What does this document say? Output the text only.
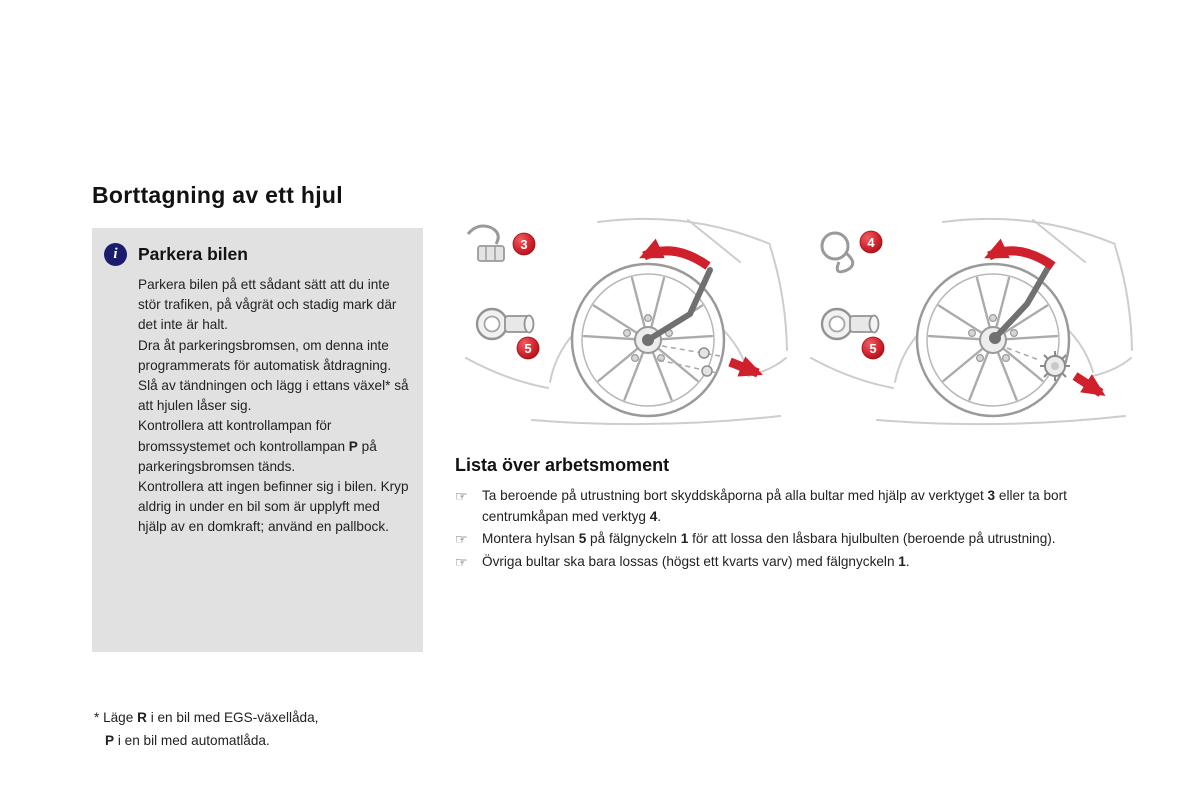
Borttagning av ett hjul
i	Parkera bilen

Parkera bilen på ett sådant sätt att du inte stör trafiken, på vågrät och stadig mark där det inte är halt.

Dra åt parkeringsbromsen, om denna inte programmerats för automatisk åtdragning. Slå av tändningen och lägg i ettans växel* så att hjulen låser sig.

Kontrollera att kontrollampan för bromssystemet och kontrollampan P på parkeringsbromsen tänds.

Kontrollera att ingen befinner sig i bilen. Kryp aldrig in under en bil som är upplyft med hjälp av en domkraft; använd en pallbock.

3
5
4
5
Lista över arbetsmoment
☞	Ta beroende på utrustning bort skyddskåporna på alla bultar med hjälp av verktyget 3 eller ta bort centrumkåpan med verktyg 4.
☞	Montera hylsan 5 på fälgnyckeln 1 för att lossa den låsbara hjulbulten (beroende på utrustning).
☞	Övriga bultar ska bara lossas (högst ett kvarts varv) med fälgnyckeln 1.

* Läge R i en bil med EGS-växellåda,

P i en bil med automatlåda.
